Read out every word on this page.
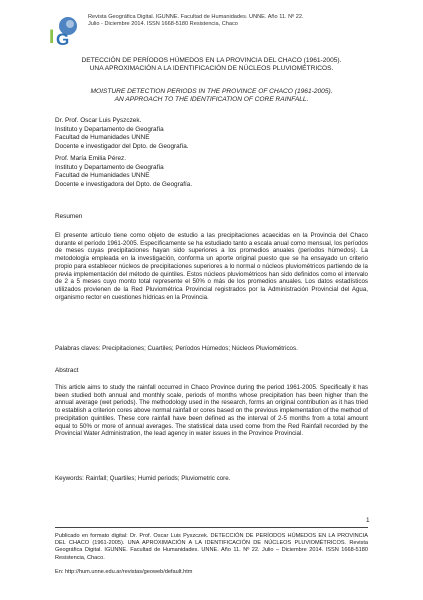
I G
Revista Geográfica Digital. IGUNNE. Facultad de Humanidades. UNNE. Año 11. Nº 22.
Julio - Diciembre 2014. ISSN 1668-5180 Resistencia, Chaco
DETECCIÓN DE PERÍODOS HÚMEDOS EN LA PROVINCIA DEL CHACO (1961-2005).
UNA APROXIMACIÓN A LA IDENTIFICACIÓN DE NÚCLEOS PLUVIOMÉTRICOS.
MOISTURE DETECTION PERIODS IN THE PROVINCE OF CHACO (1961-2005).
AN APPROACH TO THE IDENTIFICATION OF CORE RAINFALL.
Dr. Prof. Oscar Luis Pyszczek.
Instituto y Departamento de Geografía
Facultad de Humanidades UNNE
Docente e investigador del Dpto. de Geografía.
Prof. María Emilia Pérez.
Instituto y Departamento de Geografía
Facultad de Humanidades UNNE
Docente e investigadora del Dpto. de Geografía.
Resumen
El presente artículo tiene como objeto de estudio a las precipitaciones acaecidas en la Provincia del Chaco durante el período 1961-2005. Específicamente se ha estudiado tanto a escala anual como mensual, los períodos de meses cuyas precipitaciones hayan sido superiores a los promedios anuales (períodos húmedos). La metodología empleada en la investigación, conforma un aporte original puesto que se ha ensayado un criterio propio para establecer núcleos de precipitaciones superiores a lo normal o núcleos pluviométricos partiendo de la previa implementación del método de quintiles. Estos núcleos pluviométricos han sido definidos como el intervalo de 2 a 5 meses cuyo monto total represente el 50% o más de los promedios anuales. Los datos estadísticos utilizados provienen de la Red Pluviométrica Provincial registrados por la Administración Provincial del Agua, organismo rector en cuestiones hídricas en la Provincia.
Palabras claves: Precipitaciones; Cuartiles; Períodos Húmedos; Núcleos Pluviométricos.
Abstract
This article aims to study the rainfall occurred in Chaco Province during the period 1961-2005. Specifically it has been studied both annual and monthly scale, periods of months whose precipitation has been higher than the annual average (wet periods). The methodology used in the research, forms an original contribution as it has tried to establish a criterion cores above normal rainfall or cores based on the previous implementation of the method of precipitation quintiles. These core rainfall have been defined as the interval of 2-5 months from a total amount equal to 50% or more of annual averages. The statistical data used come from the Red Rainfall recorded by the Provincial Water Administration, the lead agency in water issues in the Province Provincial.
Keywords: Rainfall; Quartiles; Humid periods; Pluviometric core.
1
Publicado en formato digital: Dr. Prof. Oscar Luis Pyszczek. DETECCIÓN DE PERÍODOS HÚMEDOS EN LA PROVINCIA DEL CHACO (1961-2005). UNA APROXIMACIÓN A LA IDENTIFICACIÓN DE NÚCLEOS PLUVIOMÉTRICOS. Revista Geográfica Digital. IGUNNE. Facultad de Humanidades. UNNE. Año 11. Nº 22. Julio – Diciembre 2014. ISSN 1668-5180 Resistencia, Chaco.
En: http://hum.unne.edu.ar/revistas/geoweb/default.htm
